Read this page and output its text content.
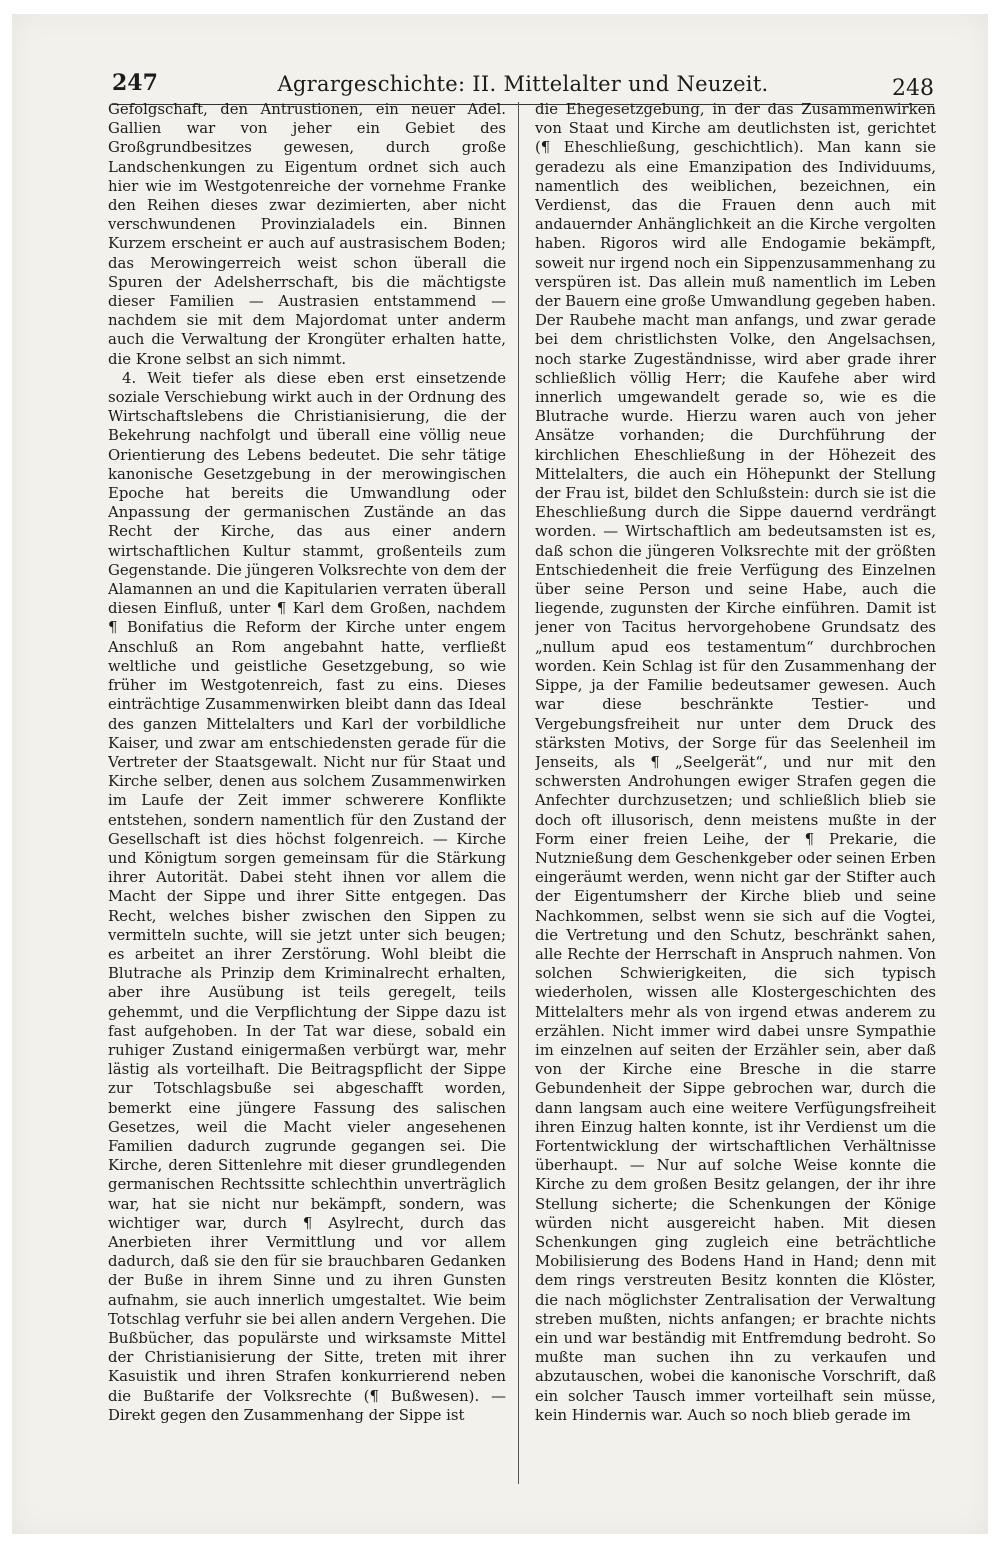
247	Agrargeschichte: II. Mittelalter und Neuzeit.	248

Gefolgschaft, den Antrustionen, ein neuer Adel. Gallien war von jeher ein Gebiet des Großgrundbesitzes gewesen, durch große Landschenkungen zu Eigentum ordnet sich auch hier wie im Westgotenreiche der vornehme Franke den Reihen dieses zwar dezimierten, aber nicht verschwundenen Provinzialadels ein. Binnen Kurzem erscheint er auch auf austrasischem Boden; das Merowingerreich weist schon überall die Spuren der Adelsherrschaft, bis die mächtigste dieser Familien — Austrasien entstammend — nachdem sie mit dem Majordomat unter anderm auch die Verwaltung der Krongüter erhalten hatte, die Krone selbst an sich nimmt.

4. Weit tiefer als diese eben erst einsetzende soziale Verschiebung wirkt auch in der Ordnung des Wirtschaftslebens die Christianisierung, die der Bekehrung nachfolgt und überall eine völlig neue Orientierung des Lebens bedeutet. Die sehr tätige kanonische Gesetzgebung in der merowingischen Epoche hat bereits die Umwandlung oder Anpassung der germanischen Zustände an das Recht der Kirche, das aus einer andern wirtschaftlichen Kultur stammt, großenteils zum Gegenstande. Die jüngeren Volksrechte von dem der Alamannen an und die Kapitularien verraten überall diesen Einfluß, unter ¶ Karl dem Großen, nachdem ¶ Bonifatius die Reform der Kirche unter engem Anschluß an Rom angebahnt hatte, verfließt weltliche und geistliche Gesetzgebung, so wie früher im Westgotenreich, fast zu eins. Dieses einträchtige Zusammenwirken bleibt dann das Ideal des ganzen Mittelalters und Karl der vorbildliche Kaiser, und zwar am entschiedensten gerade für die Vertreter der Staatsgewalt. Nicht nur für Staat und Kirche selber, denen aus solchem Zusammenwirken im Laufe der Zeit immer schwerere Konflikte entstehen, sondern namentlich für den Zustand der Gesellschaft ist dies höchst folgenreich. — Kirche und Königtum sorgen gemeinsam für die Stärkung ihrer Autorität. Dabei steht ihnen vor allem die Macht der Sippe und ihrer Sitte entgegen. Das Recht, welches bisher zwischen den Sippen zu vermitteln suchte, will sie jetzt unter sich beugen; es arbeitet an ihrer Zerstörung. Wohl bleibt die Blutrache als Prinzip dem Kriminalrecht erhalten, aber ihre Ausübung ist teils geregelt, teils gehemmt, und die Verpflichtung der Sippe dazu ist fast aufgehoben. In der Tat war diese, sobald ein ruhiger Zustand einigermaßen verbürgt war, mehr lästig als vorteilhaft. Die Beitragspflicht der Sippe zur Totschlagsbuße sei abgeschafft worden, bemerkt eine jüngere Fassung des salischen Gesetzes, weil die Macht vieler angesehenen Familien dadurch zugrunde gegangen sei. Die Kirche, deren Sittenlehre mit dieser grundlegenden germanischen Rechtssitte schlechthin unverträglich war, hat sie nicht nur bekämpft, sondern, was wichtiger war, durch ¶ Asylrecht, durch das Anerbieten ihrer Vermittlung und vor allem dadurch, daß sie den für sie brauchbaren Gedanken der Buße in ihrem Sinne und zu ihren Gunsten aufnahm, sie auch innerlich umgestaltet. Wie beim Totschlag verfuhr sie bei allen andern Vergehen. Die Bußbücher, das populärste und wirksamste Mittel der Christianisierung der Sitte, treten mit ihrer Kasuistik und ihren Strafen konkurrierend neben die Bußtarife der Volksrechte (¶ Bußwesen). — Direkt gegen den Zusammenhang der Sippe ist

die Ehegesetzgebung, in der das Zusammenwirken von Staat und Kirche am deutlichsten ist, gerichtet (¶ Eheschließung, geschichtlich). Man kann sie geradezu als eine Emanzipation des Individuums, namentlich des weiblichen, bezeichnen, ein Verdienst, das die Frauen denn auch mit andauernder Anhänglichkeit an die Kirche vergolten haben. Rigoros wird alle Endogamie bekämpft, soweit nur irgend noch ein Sippenzusammenhang zu verspüren ist. Das allein muß namentlich im Leben der Bauern eine große Umwandlung gegeben haben. Der Raubehe macht man anfangs, und zwar gerade bei dem christlichsten Volke, den Angelsachsen, noch starke Zugeständnisse, wird aber grade ihrer schließlich völlig Herr; die Kaufehe aber wird innerlich umgewandelt gerade so, wie es die Blutrache wurde. Hierzu waren auch von jeher Ansätze vorhanden; die Durchführung der kirchlichen Eheschließung in der Höhezeit des Mittelalters, die auch ein Höhepunkt der Stellung der Frau ist, bildet den Schlußstein: durch sie ist die Eheschließung durch die Sippe dauernd verdrängt worden. — Wirtschaftlich am bedeutsamsten ist es, daß schon die jüngeren Volksrechte mit der größten Entschiedenheit die freie Verfügung des Einzelnen über seine Person und seine Habe, auch die liegende, zugunsten der Kirche einführen. Damit ist jener von Tacitus hervorgehobene Grundsatz des „nullum apud eos testamentum“ durchbrochen worden. Kein Schlag ist für den Zusammenhang der Sippe, ja der Familie bedeutsamer gewesen. Auch war diese beschränkte Testier- und Vergebungsfreiheit nur unter dem Druck des stärksten Motivs, der Sorge für das Seelenheil im Jenseits, als ¶ „Seelgerät“, und nur mit den schwersten Androhungen ewiger Strafen gegen die Anfechter durchzusetzen; und schließlich blieb sie doch oft illusorisch, denn meistens mußte in der Form einer freien Leihe, der ¶ Prekarie, die Nutznießung dem Geschenkgeber oder seinen Erben eingeräumt werden, wenn nicht gar der Stifter auch der Eigentumsherr der Kirche blieb und seine Nachkommen, selbst wenn sie sich auf die Vogtei, die Vertretung und den Schutz, beschränkt sahen, alle Rechte der Herrschaft in Anspruch nahmen. Von solchen Schwierigkeiten, die sich typisch wiederholen, wissen alle Klostergeschichten des Mittelalters mehr als von irgend etwas anderem zu erzählen. Nicht immer wird dabei unsre Sympathie im einzelnen auf seiten der Erzähler sein, aber daß von der Kirche eine Bresche in die starre Gebundenheit der Sippe gebrochen war, durch die dann langsam auch eine weitere Verfügungsfreiheit ihren Einzug halten konnte, ist ihr Verdienst um die Fortentwicklung der wirtschaftlichen Verhältnisse überhaupt. — Nur auf solche Weise konnte die Kirche zu dem großen Besitz gelangen, der ihr ihre Stellung sicherte; die Schenkungen der Könige würden nicht ausgereicht haben. Mit diesen Schenkungen ging zugleich eine beträchtliche Mobilisierung des Bodens Hand in Hand; denn mit dem rings verstreuten Besitz konnten die Klöster, die nach möglichster Zentralisation der Verwaltung streben mußten, nichts anfangen; er brachte nichts ein und war beständig mit Entfremdung bedroht. So mußte man suchen ihn zu verkaufen und abzutauschen, wobei die kanonische Vorschrift, daß ein solcher Tausch immer vorteilhaft sein müsse, kein Hindernis war. Auch so noch blieb gerade im
